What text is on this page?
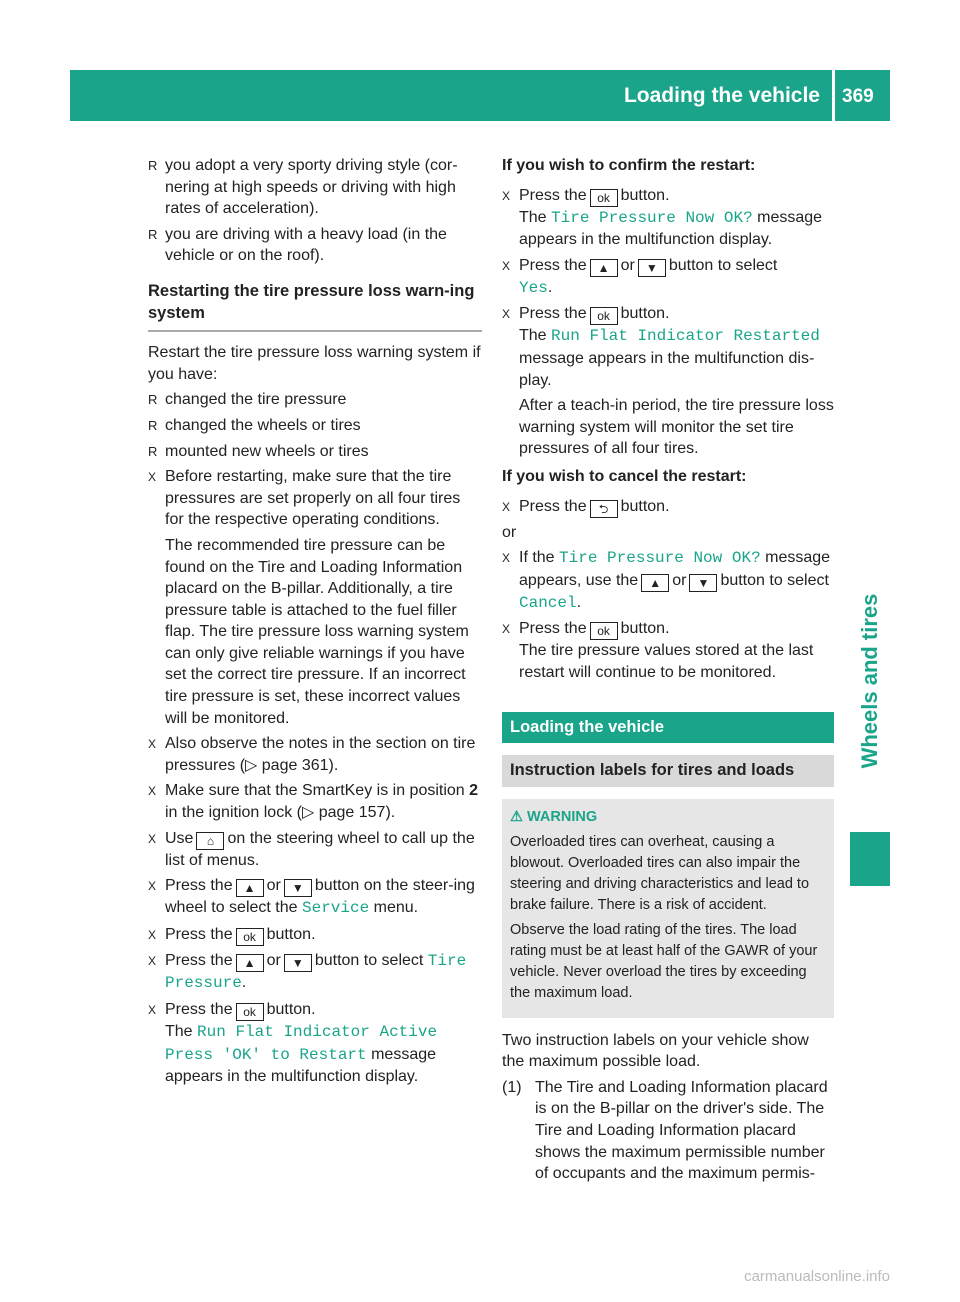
Loading the vehicle 369
Wheels and tires
R you adopt a very sporty driving style (cor- nering at high speeds or driving with high rates of acceleration).
R you are driving with a heavy load (in the vehicle or on the roof).
Restarting the tire pressure loss warn-ing system
Restart the tire pressure loss warning system if you have:
R changed the tire pressure
R changed the wheels or tires
R mounted new wheels or tires
X Before restarting, make sure that the tire pressures are set properly on all four tires for the respective operating conditions.
The recommended tire pressure can be found on the Tire and Loading Information placard on the B-pillar. Additionally, a tire pressure table is attached to the fuel filler flap. The tire pressure loss warning system can only give reliable warnings if you have set the correct tire pressure. If an incorrect tire pressure is set, these incorrect values will be monitored.
X Also observe the notes in the section on tire pressures (▷ page 361).
X Make sure that the SmartKey is in position 2 in the ignition lock (▷ page 157).
X Use ⌂ on the steering wheel to call up the list of menus.
X Press the ▲ or ▼ button on the steer-ing wheel to select the Service menu.
X Press the ok button.
X Press the ▲ or ▼ button to select Tire Pressure.
X Press the ok button.
The Run Flat Indicator Active Press 'OK' to Restart message appears in the multifunction display.
If you wish to confirm the restart:
X Press the ok button.
The Tire Pressure Now OK? message appears in the multifunction display.
X Press the ▲ or ▼ button to select
Yes.
X Press the ok button.
The Run Flat Indicator Restarted message appears in the multifunction dis-play.
After a teach-in period, the tire pressure loss warning system will monitor the set tire pressures of all four tires.
If you wish to cancel the restart:
X Press the ⮌ button.
or
X If the Tire Pressure Now OK? message appears, use the ▲ or ▼ button to select Cancel.
X Press the ok button.
The tire pressure values stored at the last restart will continue to be monitored.
Loading the vehicle
Instruction labels for tires and loads
⚠ WARNING

Overloaded tires can overheat, causing a blowout. Overloaded tires can also impair the steering and driving characteristics and lead to brake failure. There is a risk of accident.

Observe the load rating of the tires. The load rating must be at least half of the GAWR of your vehicle. Never overload the tires by exceeding the maximum load.

Two instruction labels on your vehicle show the maximum possible load.
(1) The Tire and Loading Information placard is on the B-pillar on the driver's side. The Tire and Loading Information placard shows the maximum permissible number of occupants and the maximum permis-
carmanualsonline.info
